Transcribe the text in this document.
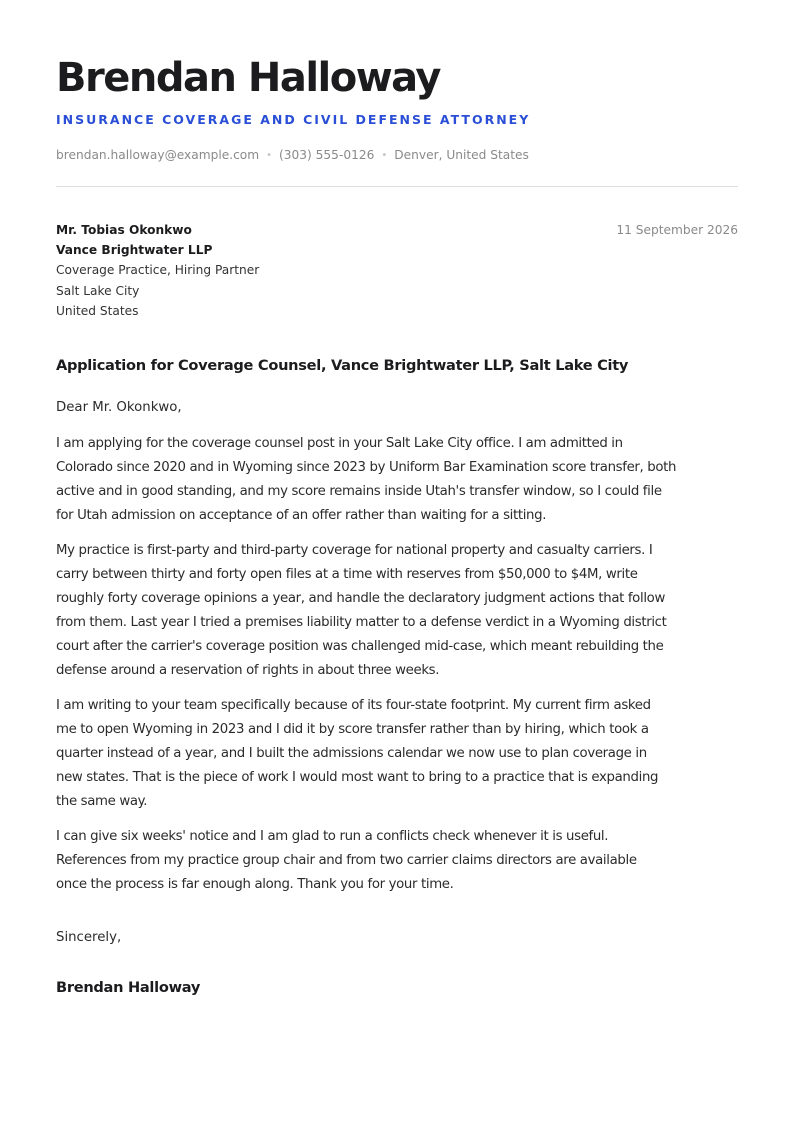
Brendan Halloway
INSURANCE COVERAGE AND CIVIL DEFENSE ATTORNEY
brendan.halloway@example.com • (303) 555-0126 • Denver, United States
Mr. Tobias Okonkwo
Vance Brightwater LLP
Coverage Practice, Hiring Partner
Salt Lake City
United States
11 September 2026
Application for Coverage Counsel, Vance Brightwater LLP, Salt Lake City
Dear Mr. Okonkwo,

I am applying for the coverage counsel post in your Salt Lake City office. I am admitted in
Colorado since 2020 and in Wyoming since 2023 by Uniform Bar Examination score transfer, both
active and in good standing, and my score remains inside Utah's transfer window, so I could file
for Utah admission on acceptance of an offer rather than waiting for a sitting.

My practice is first-party and third-party coverage for national property and casualty carriers. I
carry between thirty and forty open files at a time with reserves from $50,000 to $4M, write
roughly forty coverage opinions a year, and handle the declaratory judgment actions that follow
from them. Last year I tried a premises liability matter to a defense verdict in a Wyoming district
court after the carrier's coverage position was challenged mid-case, which meant rebuilding the
defense around a reservation of rights in about three weeks.

I am writing to your team specifically because of its four-state footprint. My current firm asked
me to open Wyoming in 2023 and I did it by score transfer rather than by hiring, which took a
quarter instead of a year, and I built the admissions calendar we now use to plan coverage in
new states. That is the piece of work I would most want to bring to a practice that is expanding
the same way.

I can give six weeks' notice and I am glad to run a conflicts check whenever it is useful.
References from my practice group chair and from two carrier claims directors are available
once the process is far enough along. Thank you for your time.

Sincerely,
Brendan Halloway
